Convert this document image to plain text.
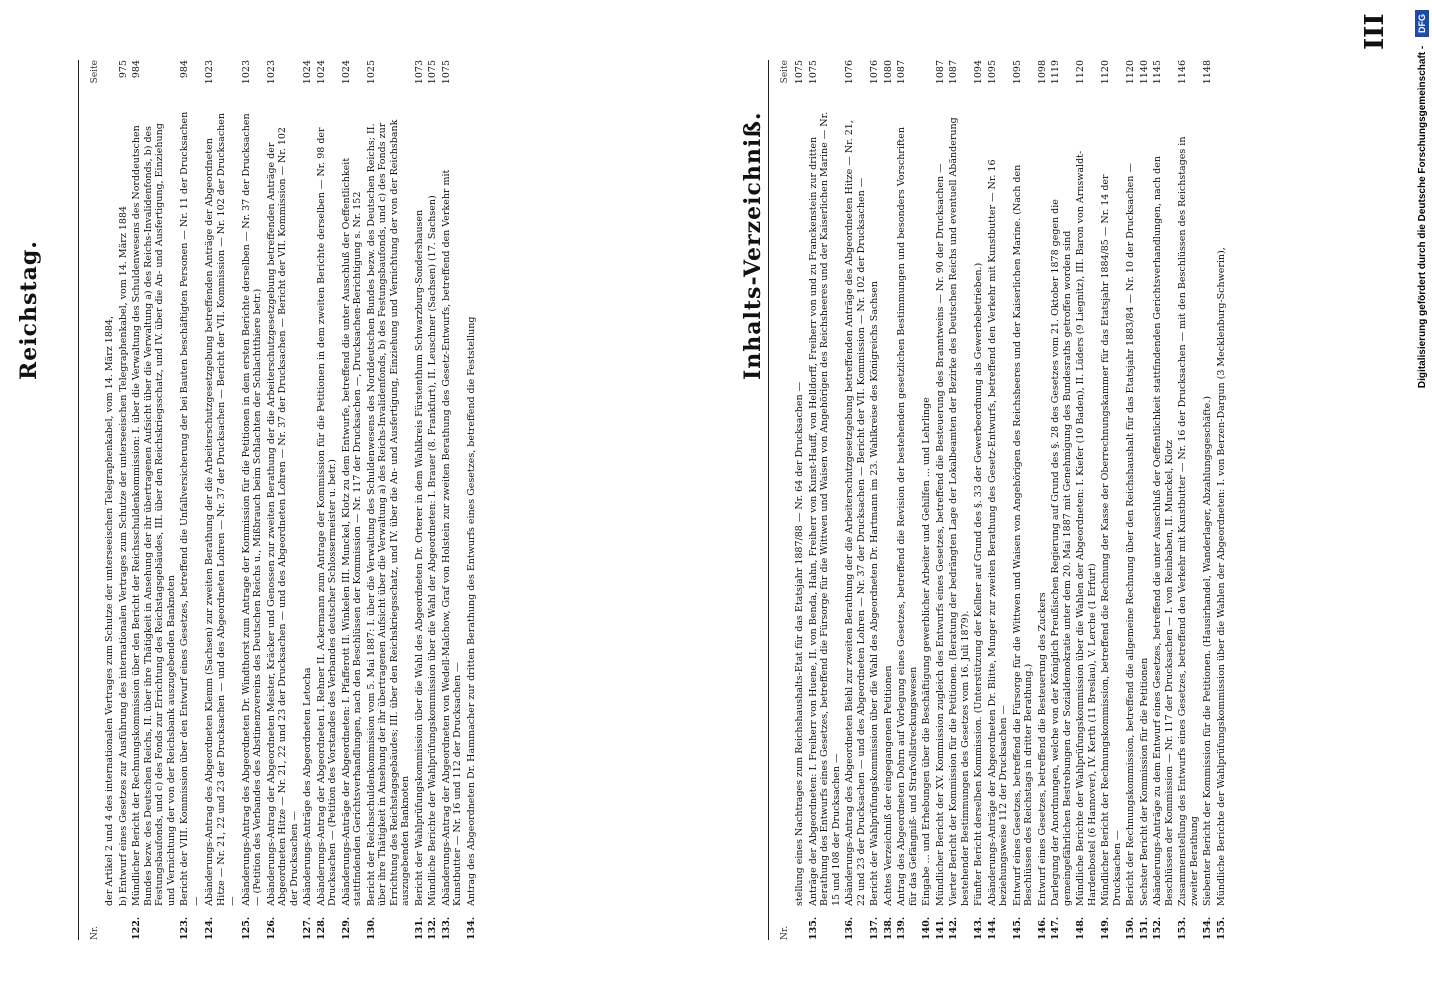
Reichstag.	Inhalts-Verzeichniß.
III
Nr.
Seite
der Artikel 2 und 4 des internationalen Vertrages zum Schutze der unterseeischen Telegraphenkabel, vom 14. März 1884, b) Entwurf eines Gesetzes zur Ausführung des internationalen Vertrages zum Schutze der unterseeischen Telegraphenkabel, vom 14. März 1884
975
122.
Mündlicher Bericht der Rechnungskommission über den Bericht der Reichsschuldenkommission: I. über die Verwaltung des Schuldenwesens des Norddeutschen Bundes bezw. des Deutschen Reichs, II. über ihre Thätigkeit in Ansehung der ihr übertragenen Aufsicht über die Verwaltung a) des Reichs-Invalidenfonds, b) des Festungsbaufonds, und c) des Fonds zur Errichtung des Reichstagsgebäudes, III. über den Reichskriegsschatz, und IV. über die An- und Ausfertigung, Einziehung und Vernichtung der von der Reichsbank auszugebenden Banknoten
984
123.
Bericht der VIII. Kommission über den Entwurf eines Gesetzes, betreffend die Unfallversicherung der bei Bauten beschäftigten Personen — Nr. 11 der Drucksachen —
984
124.
Abänderungs-Antrag des Abgeordneten Klemm (Sachsen) zur zweiten Berathung der die Arbeiterschutzgesetzgebung betreffenden Anträge der Abgeordneten Hitze — Nr. 21, 22 und 23 der Drucksachen — und des Abgeordneten Lohren — Nr. 37 der Drucksachen — Bericht der VII. Kommission — Nr. 102 der Drucksachen —
1023
125.
Abänderungs-Antrag des Abgeordneten Dr. Windthorst zum Antrage der Kommission für die Petitionen in dem ersten Berichte derselben — Nr. 37 der Drucksachen — (Petition des Verbandes des Abstinenzvereins des Deutschen Reichs u., Mißbrauch beim Schlachten der Schlachtthiere betr.)
1023
126.
Abänderungs-Antrag der Abgeordneten Meister, Kräcker und Genossen zur zweiten Berathung der die Arbeiterschutzgesetzgebung betreffenden Anträge der Abgeordneten Hitze — Nr. 21, 22 und 23 der Drucksachen — und des Abgeordneten Lohren — Nr. 37 der Drucksachen — Bericht der VII. Kommission — Nr. 102 der Drucksachen —
1023
127.
Abänderungs-Anträge des Abgeordneten Letocha
1024
128.
Abänderungs-Antrag der Abgeordneten I. Rehner II. Ackermann zum Antrage der Kommission für die Petitionen in dem zweiten Berichte derselben — Nr. 98 der Drucksachen — (Petition des Vorstandes des Verbandes deutscher Schlossermeister u. betr.)
1024
129.
Abänderungs-Anträge der Abgeordneten: I. Pfafferott II. Winkelen III. Munckel, Klotz zu dem Entwurfe, betreffend die unter Ausschluß der Oeffentlichkeit stattfindenden Gerichtsverhandlungen, nach den Beschlüssen der Kommission — Nr. 117 der Drucksachen —, Drucksachen-Berichtigung s. Nr. 152
1024
130.
Bericht der Reichsschuldenkommission vom 5. Mai 1887: I. über die Verwaltung des Schuldenwesens des Norddeutschen Bundes bezw. des Deutschen Reichs; II. über ihre Thätigkeit in Ansehung der ihr übertragenen Aufsicht über die Verwaltung a) des Reichs-Invalidenfonds, b) des Festungsbaufonds, und c) des Fonds zur Errichtung des Reichstagsgebäudes; III. über den Reichskriegsschatz, und IV. über die An- und Ausfertigung, Einziehung und Vernichtung der von der Reichsbank auszugebenden Banknoten
1025
131.
Bericht der Wahlprüfungskommission über die Wahl des Abgeordneten Dr. Orterer in dem Wahlkreis Fürstenthum Schwarzburg-Sondershausen
1073
132.
Mündliche Berichte der Wahlprüfungskommission über die Wahl der Abgeordneten: I. Brauer (8. Frankfurt), II. Leuschner (Sachsen) (17. Sachsen)
1075
133.
Abänderungs-Antrag der Abgeordneten von Wedell-Malchow, Graf von Holstein zur zweiten Berathung des Gesetz-Entwurfs, betreffend den Verkehr mit Kunstbutter — Nr. 16 und 112 der Drucksachen —
1075
134.
Antrag des Abgeordneten Dr. Hammacher zur dritten Berathung des Entwurfs eines Gesetzes, betreffend die Feststellung
Nr.
Seite
stellung eines Nachtrages zum Reichshaushalts-Etat für das Etatsjahr 1887/88 — Nr. 64 der Drucksachen —
1075
135.
Anträge der Abgeordneten: I. Freiherr von Huene, II. von Benda, Hahn, Freiherr von Kunst-Hauff, von Helldorff, Freiherr von und zu Franckenstein zur dritten Berathung des Entwurfs eines Gesetzes, betreffend die Fürsorge für die Wittwen und Waisen von Angehörigen des Reichsheeres und der Kaiserlichen Marine — Nr. 15 und 108 der Drucksachen —
1075
136.
Abänderungs-Antrag des Abgeordneten Biehl zur zweiten Berathung der die Arbeiterschutzgesetzgebung betreffenden Anträge des Abgeordneten Hitze — Nr. 21, 22 und 23 der Drucksachen — und des Abgeordneten Lohren — Nr. 37 der Drucksachen — Bericht der VII. Kommission — Nr. 102 der Drucksachen —
1076
137.
Bericht der Wahlprüfungskommission über die Wahl des Abgeordneten Dr. Hartmann im 23. Wahlkreise des Königreichs Sachsen
1076
138.
Achtes Verzeichniß der eingegangenen Petitionen
1080
139.
Antrag des Abgeordneten Dohrn auf Vorlegung eines Gesetzes, betreffend die Revision der bestehenden gesetzlichen Bestimmungen und besonders Vorschriften für das Gefängniß- und Strafvollstreckungswesen
1087
140.
Eingabe ... und Erhebungen über die Beschäftigung gewerblicher Arbeiter und Gehilfen ... und Lehrlinge
141.
Mündlicher Bericht der XV. Kommission zugleich des Entwurfs eines Gesetzes, betreffend die Besteuerung des Branntweins — Nr. 90 der Drucksachen —
1087
142.
Vierter Bericht der Kommission für die Petitionen. (Beratung der bedrängten Lage der Lokalbeamten der Bezirke des Deutschen Reichs und eventuell Abänderung bestehender Bestimmungen des Gesetzes vom 16. Juli 1879).
1087
143.
Fünfter Bericht derselben Kommission. (Unterstützung der Kellner auf Grund des §. 33 der Gewerbeordnung als Gewerbebetrieben.)
1094
144.
Abänderungs-Anträge der Abgeordneten Dr. Blitte, Munger zur zweiten Berathung des Gesetz-Entwurfs, betreffend den Verkehr mit Kunstbutter — Nr. 16 beziehungsweise 112 der Drucksachen —
1095
145.
Entwurf eines Gesetzes, betreffend die Fürsorge für die Wittwen und Waisen von Angehörigen des Reichsheeres und der Kaiserlichen Marine. (Nach den Beschlüssen des Reichstags in dritter Berathung.)
1095
146.
Entwurf eines Gesetzes, betreffend die Besteuerung des Zuckers
1098
147.
Darlegung der Anordnungen, welche von der Königlich Preußischen Regierung auf Grund des §. 28 des Gesetzes vom 21. Oktober 1878 gegen die gemeingefährlichen Bestrebungen der Sozialdemokratie unter dem 20. Mai 1887 mit Genehmigung des Bundesraths getroffen worden sind
1119
148.
Mündliche Berichte der Wahlprüfungskommission über die Wahlen der Abgeordneten: I. Kiefer (10 Baden), II. Lüders (9 Liegnitz), III. Baron von Arnswaldt-Hardenbostel (6 Hannover), IV. Kerth (11 Breslau), V. Lerche (1 Erfurt)
1120
149.
Mündlicher Bericht der Rechnungskommission, betreffend die Rechnung der Kasse der Oberrechnungskammer für das Etatsjahr 1884/85 — Nr. 14 der Drucksachen —
1120
150.
Bericht der Rechnungskommission, betreffend die allgemeine Rechnung über den Reichshaushalt für das Etatsjahr 1883/84 — Nr. 10 der Drucksachen —
1120
151.
Sechster Bericht der Kommission für die Petitionen
1140
152.
Abänderungs-Anträge zu dem Entwurf eines Gesetzes, betreffend die unter Ausschluß der Oeffentlichkeit stattfindenden Gerichtsverhandlungen, nach den Beschlüssen der Kommission — Nr. 117 der Drucksachen — I. von Reinbaben, II. Munckel, Klotz
1145
153.
Zusammenstellung des Entwurfs eines Gesetzes, betreffend den Verkehr mit Kunstbutter — Nr. 16 der Drucksachen — mit den Beschlüssen des Reichstages in zweiter Berathung
1146
154.
Siebenter Bericht der Kommission für die Petitionen. (Hausirhandel, Wanderlager, Abzahlungsgeschäfte.)
1148
155.
Mündliche Berichte der Wahlprüfungskommission über die Wahlen der Abgeordneten: I. von Berzen-Dargun (3 Mecklenburg-Schwerin),
Digitalisierung gefördert durch die Deutsche Forschungsgemeinschaft - DFG
